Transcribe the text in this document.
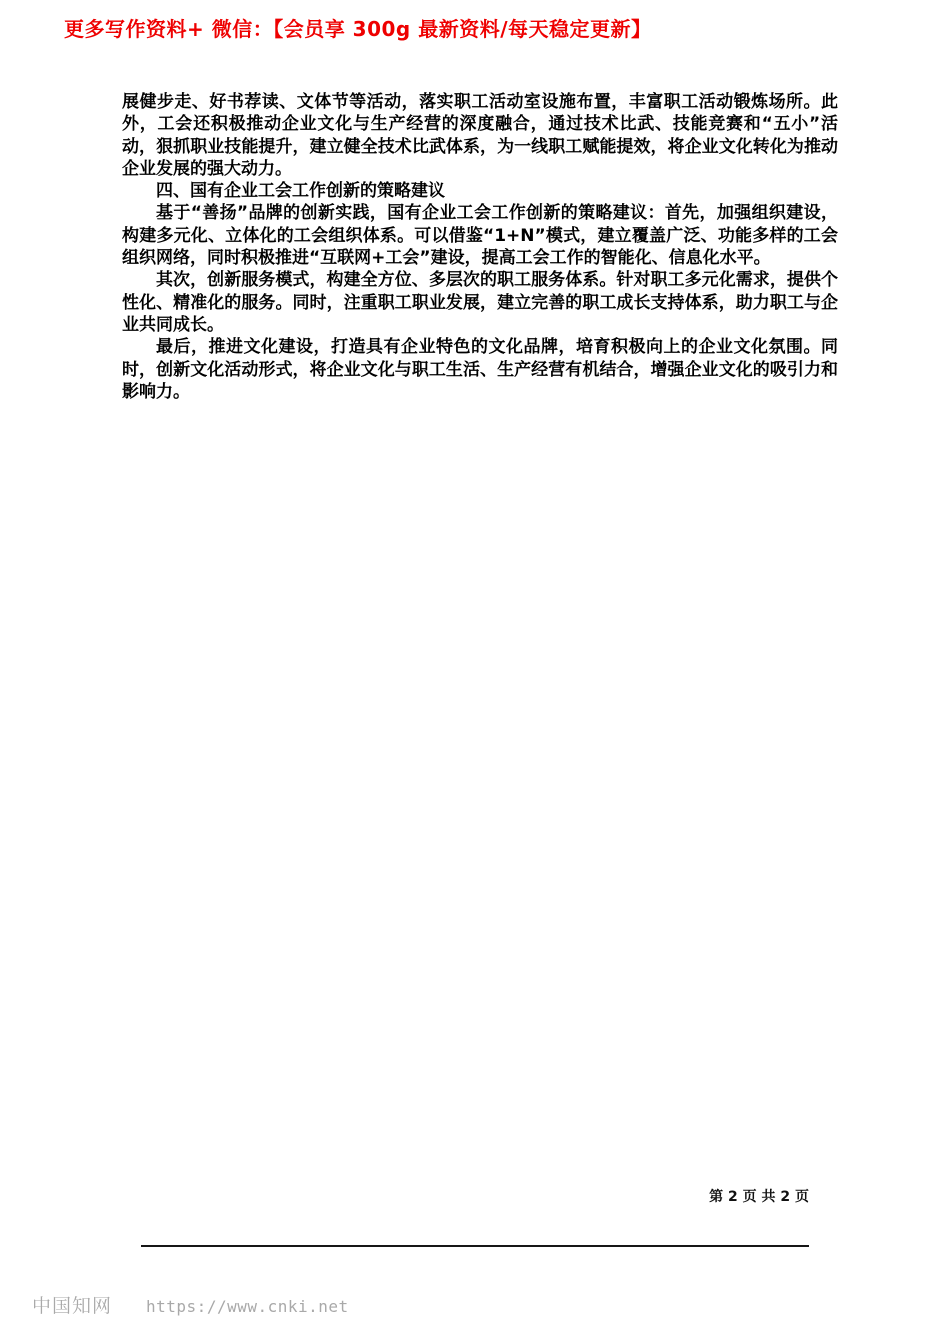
更多写作资料+ 微信：【会员享 300g 最新资料/每天稳定更新】

展健步走、好书荐读、文体节等活动，落实职工活动室设施布置，丰富职工活动锻炼场所。此外，工会还积极推动企业文化与生产经营的深度融合，通过技术比武、技能竞赛和“五小”活动，狠抓职业技能提升，建立健全技术比武体系，为一线职工赋能提效，将企业文化转化为推动企业发展的强大动力。

四、国有企业工会工作创新的策略建议

基于“善扬”品牌的创新实践，国有企业工会工作创新的策略建议：首先，加强组织建设，构建多元化、立体化的工会组织体系。可以借鉴“1+N”模式，建立覆盖广泛、功能多样的工会组织网络，同时积极推进“互联网+工会”建设，提高工会工作的智能化、信息化水平。

其次，创新服务模式，构建全方位、多层次的职工服务体系。针对职工多元化需求，提供个性化、精准化的服务。同时，注重职工职业发展，建立完善的职工成长支持体系，助力职工与企业共同成长。

最后，推进文化建设，打造具有企业特色的文化品牌，培育积极向上的企业文化氛围。同时，创新文化活动形式，将企业文化与职工生活、生产经营有机结合，增强企业文化的吸引力和影响力。

第 2 页 共 2 页
中国知网 https://www.cnki.net
